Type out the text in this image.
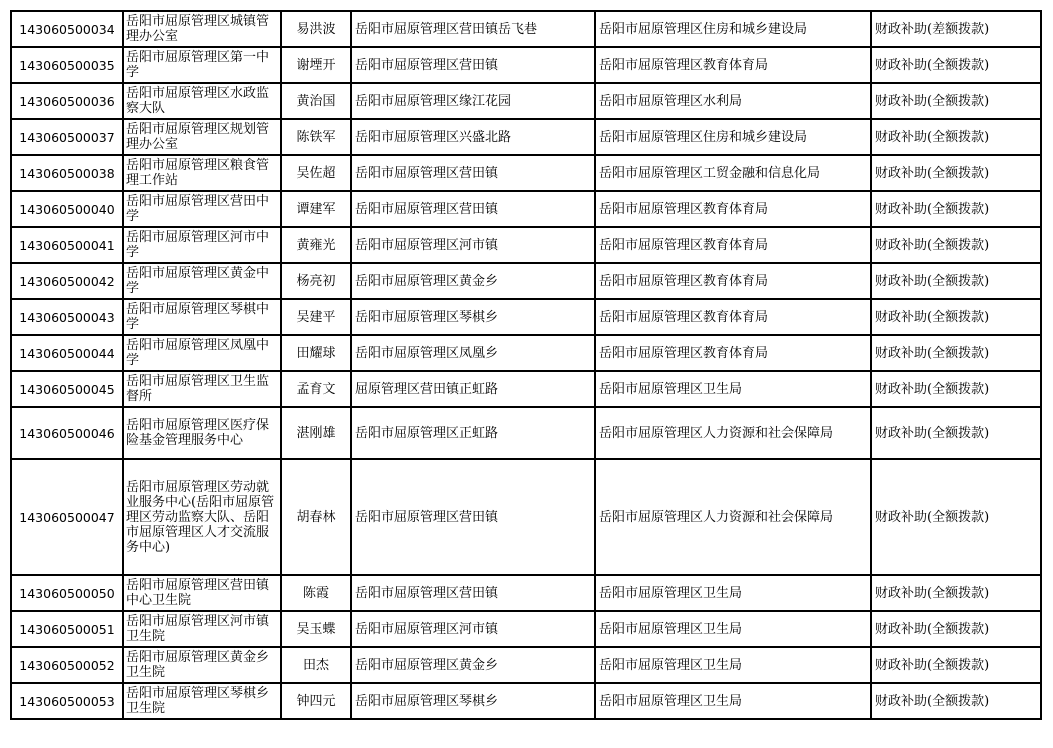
143060500034	岳阳市屈原管理区城镇管理办公室	易洪波	岳阳市屈原管理区营田镇岳飞巷	岳阳市屈原管理区住房和城乡建设局	财政补助(差额拨款)
143060500035	岳阳市屈原管理区第一中学	谢堙开	岳阳市屈原管理区营田镇	岳阳市屈原管理区教育体育局	财政补助(全额拨款)
143060500036	岳阳市屈原管理区水政监察大队	黄治国	岳阳市屈原管理区缘江花园	岳阳市屈原管理区水利局	财政补助(全额拨款)
143060500037	岳阳市屈原管理区规划管理办公室	陈铁军	岳阳市屈原管理区兴盛北路	岳阳市屈原管理区住房和城乡建设局	财政补助(全额拨款)
143060500038	岳阳市屈原管理区粮食管理工作站	吴佐超	岳阳市屈原管理区营田镇	岳阳市屈原管理区工贸金融和信息化局	财政补助(全额拨款)
143060500040	岳阳市屈原管理区营田中学	谭建军	岳阳市屈原管理区营田镇	岳阳市屈原管理区教育体育局	财政补助(全额拨款)
143060500041	岳阳市屈原管理区河市中学	黄雍光	岳阳市屈原管理区河市镇	岳阳市屈原管理区教育体育局	财政补助(全额拨款)
143060500042	岳阳市屈原管理区黄金中学	杨亮初	岳阳市屈原管理区黄金乡	岳阳市屈原管理区教育体育局	财政补助(全额拨款)
143060500043	岳阳市屈原管理区琴棋中学	吴建平	岳阳市屈原管理区琴棋乡	岳阳市屈原管理区教育体育局	财政补助(全额拨款)
143060500044	岳阳市屈原管理区凤凰中学	田耀球	岳阳市屈原管理区凤凰乡	岳阳市屈原管理区教育体育局	财政补助(全额拨款)
143060500045	岳阳市屈原管理区卫生监督所	孟育文	屈原管理区营田镇正虹路	岳阳市屈原管理区卫生局	财政补助(全额拨款)
143060500046	岳阳市屈原管理区医疗保险基金管理服务中心	湛刚雄	岳阳市屈原管理区正虹路	岳阳市屈原管理区人力资源和社会保障局	财政补助(全额拨款)
143060500047	岳阳市屈原管理区劳动就业服务中心(岳阳市屈原管理区劳动监察大队、岳阳市屈原管理区人才交流服务中心)	胡春林	岳阳市屈原管理区营田镇	岳阳市屈原管理区人力资源和社会保障局	财政补助(全额拨款)
143060500050	岳阳市屈原管理区营田镇中心卫生院	陈霞	岳阳市屈原管理区营田镇	岳阳市屈原管理区卫生局	财政补助(全额拨款)
143060500051	岳阳市屈原管理区河市镇卫生院	吴玉蝶	岳阳市屈原管理区河市镇	岳阳市屈原管理区卫生局	财政补助(全额拨款)
143060500052	岳阳市屈原管理区黄金乡卫生院	田杰	岳阳市屈原管理区黄金乡	岳阳市屈原管理区卫生局	财政补助(全额拨款)
143060500053	岳阳市屈原管理区琴棋乡卫生院	钟四元	岳阳市屈原管理区琴棋乡	岳阳市屈原管理区卫生局	财政补助(全额拨款)
